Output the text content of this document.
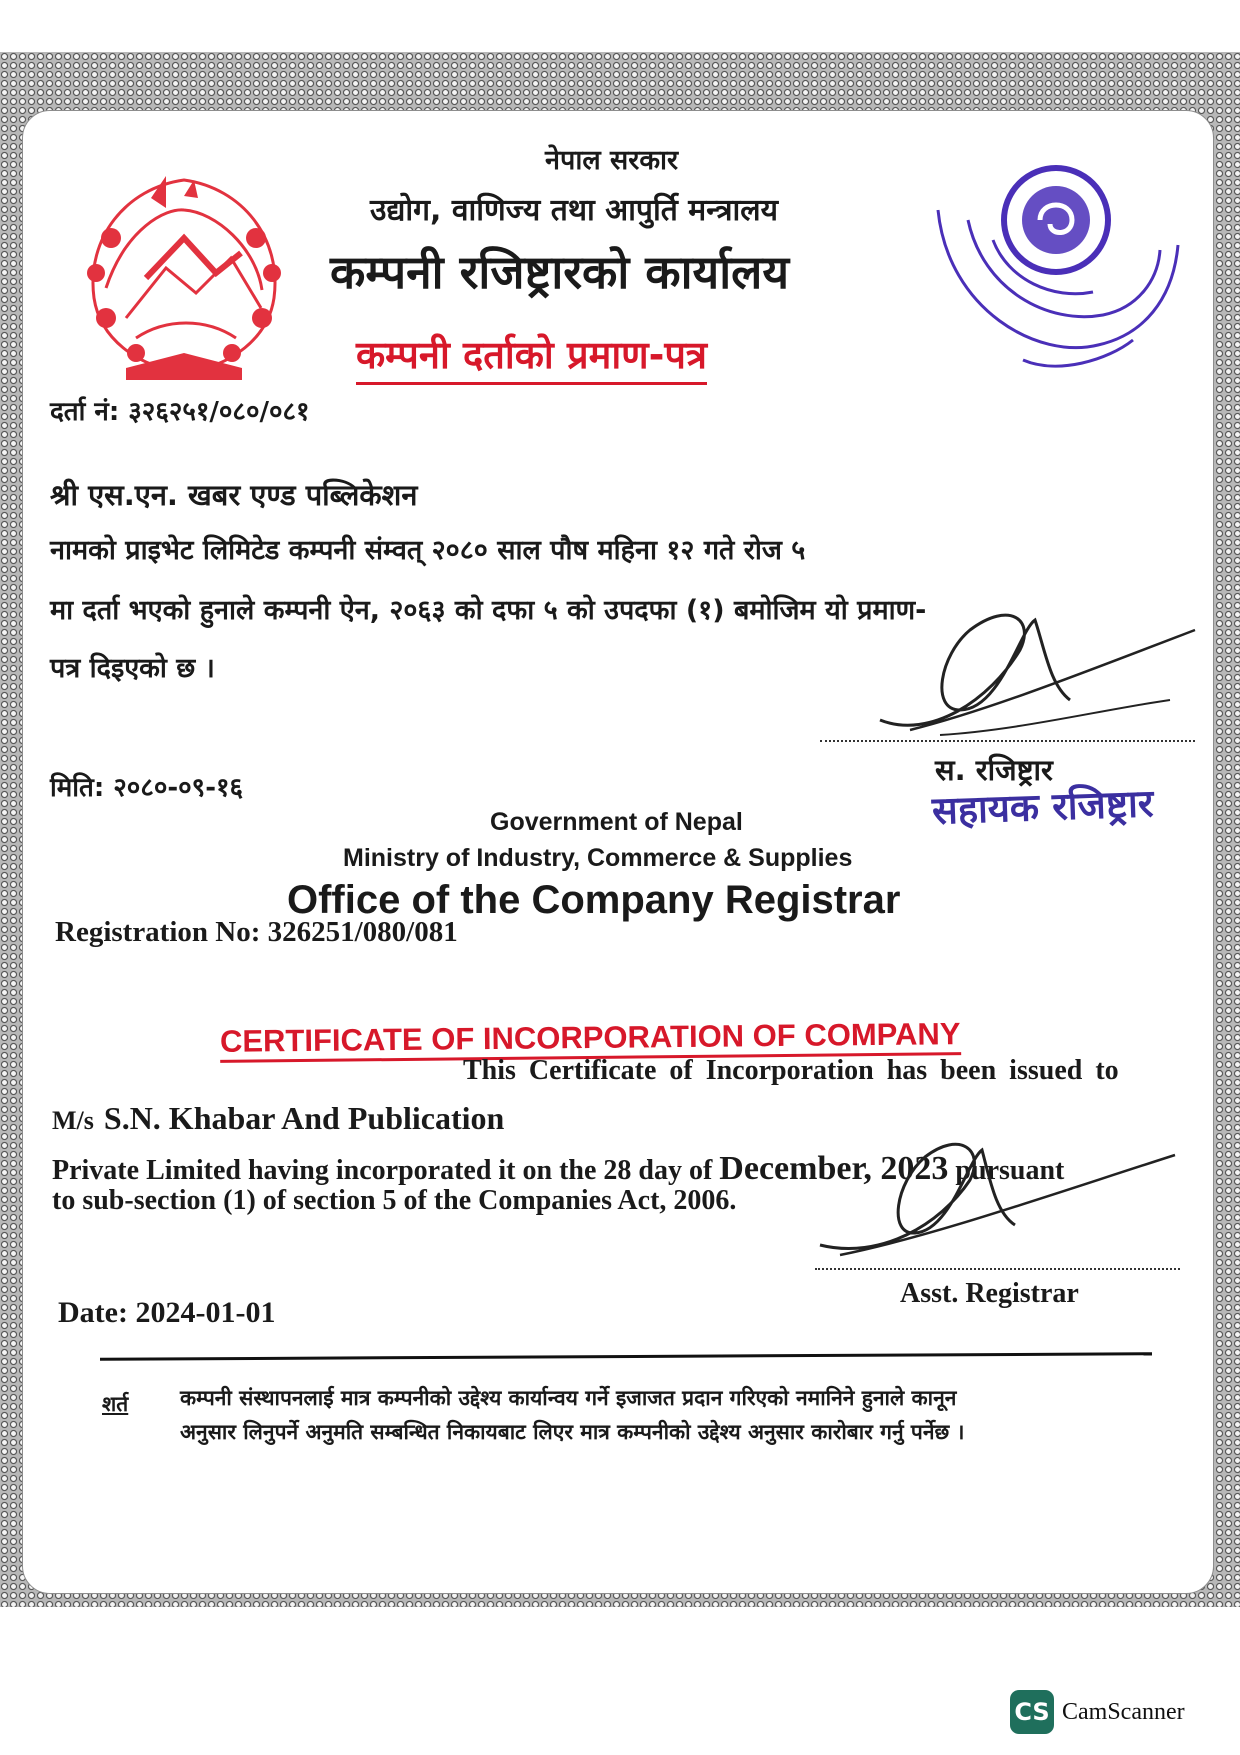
नेपाल सरकार
उद्योग, वाणिज्य तथा आपुर्ति मन्त्रालय
कम्पनी रजिष्ट्रारको कार्यालय
कम्पनी दर्ताको प्रमाण-पत्र
दर्ता नं: ३२६२५१/०८०/०८१
श्री एस.एन. खबर एण्ड पब्लिकेशन
नामको प्राइभेट लिमिटेड कम्पनी संम्वत् २०८० साल पौष महिना १२ गते रोज ५
मा दर्ता भएको हुनाले कम्पनी ऐन, २०६३ को दफा ५ को उपदफा (१) बमोजिम यो प्रमाण-
पत्र दिइएको छ ।
मिति: २०८०-०९-१६
स. रजिष्ट्रार
सहायक रजिष्ट्रार
Government of Nepal
Ministry of Industry, Commerce & Supplies
Office of the Company Registrar
Registration No: 326251/080/081
CERTIFICATE OF INCORPORATION OF COMPANY
This Certificate of Incorporation has been issued to
M/s S.N. Khabar And Publication
Private Limited having incorporated it on the 28 day of December, 2023 pursuant
to sub-section (1) of section 5 of the Companies Act, 2006.
Asst. Registrar
Date: 2024-01-01
शर्त कम्पनी संस्थापनलाई मात्र कम्पनीको उद्देश्य कार्यान्वय गर्ने इजाजत प्रदान गरिएको नमानिने हुनाले कानून
अनुसार लिनुपर्ने अनुमति सम्बन्धित निकायबाट लिएर मात्र कम्पनीको उद्देश्य अनुसार कारोबार गर्नु पर्नेछ ।
CS CamScanner
